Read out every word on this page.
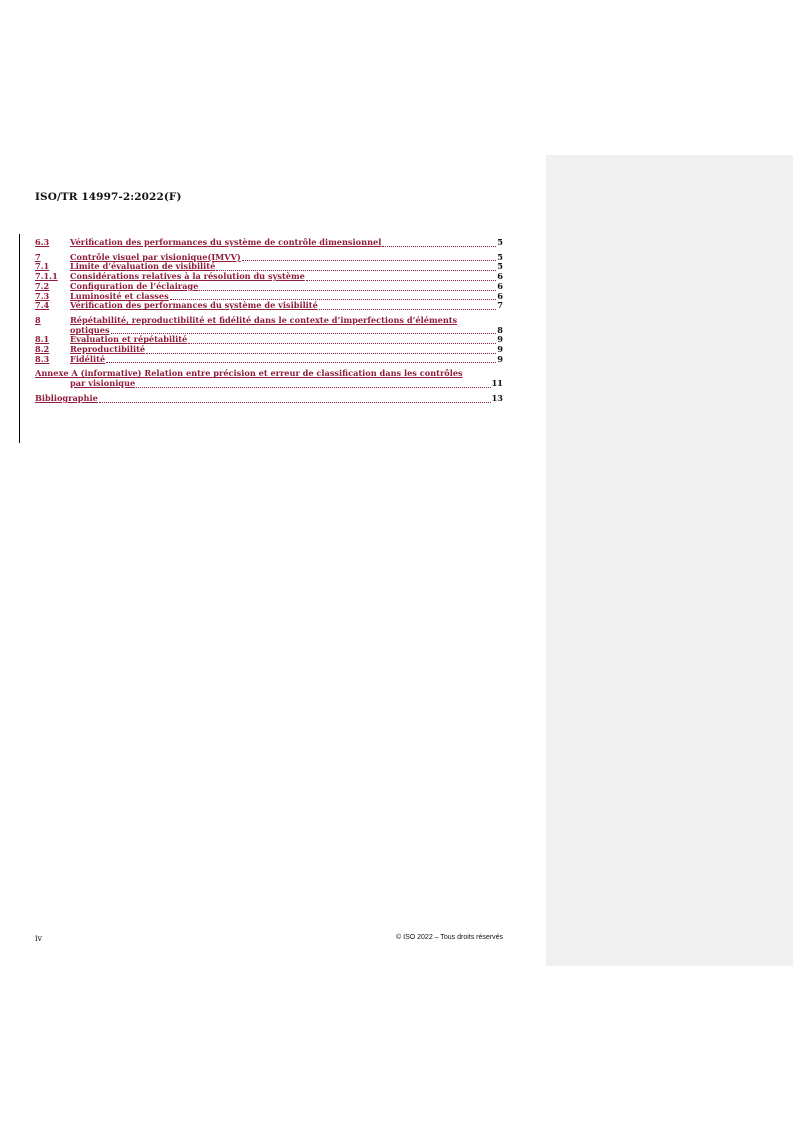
ISO/TR 14997-2:2022(F)
6.3	Vérification des performances du système de contrôle dimensionnel	5
7	Contrôle visuel par visionique(IMVV)	5
7.1	Limite d’évaluation de visibilité	5
7.1.1	Considérations relatives à la résolution du système	6
7.2	Configuration de l’éclairage	6
7.3	Luminosité et classes	6
7.4	Vérification des performances du système de visibilité	7
8	Répétabilité, reproductibilité et fidélité dans le contexte d’imperfections d’éléments
optiques	8
8.1	Évaluation et répétabilité	9
8.2	Reproductibilité	9
8.3	Fidélité	9
Annexe A (informative) Relation entre précision et erreur de classification dans les contrôles
par visionique	11
Bibliographie	13
iv	© ISO 2022 – Tous droits réservés
